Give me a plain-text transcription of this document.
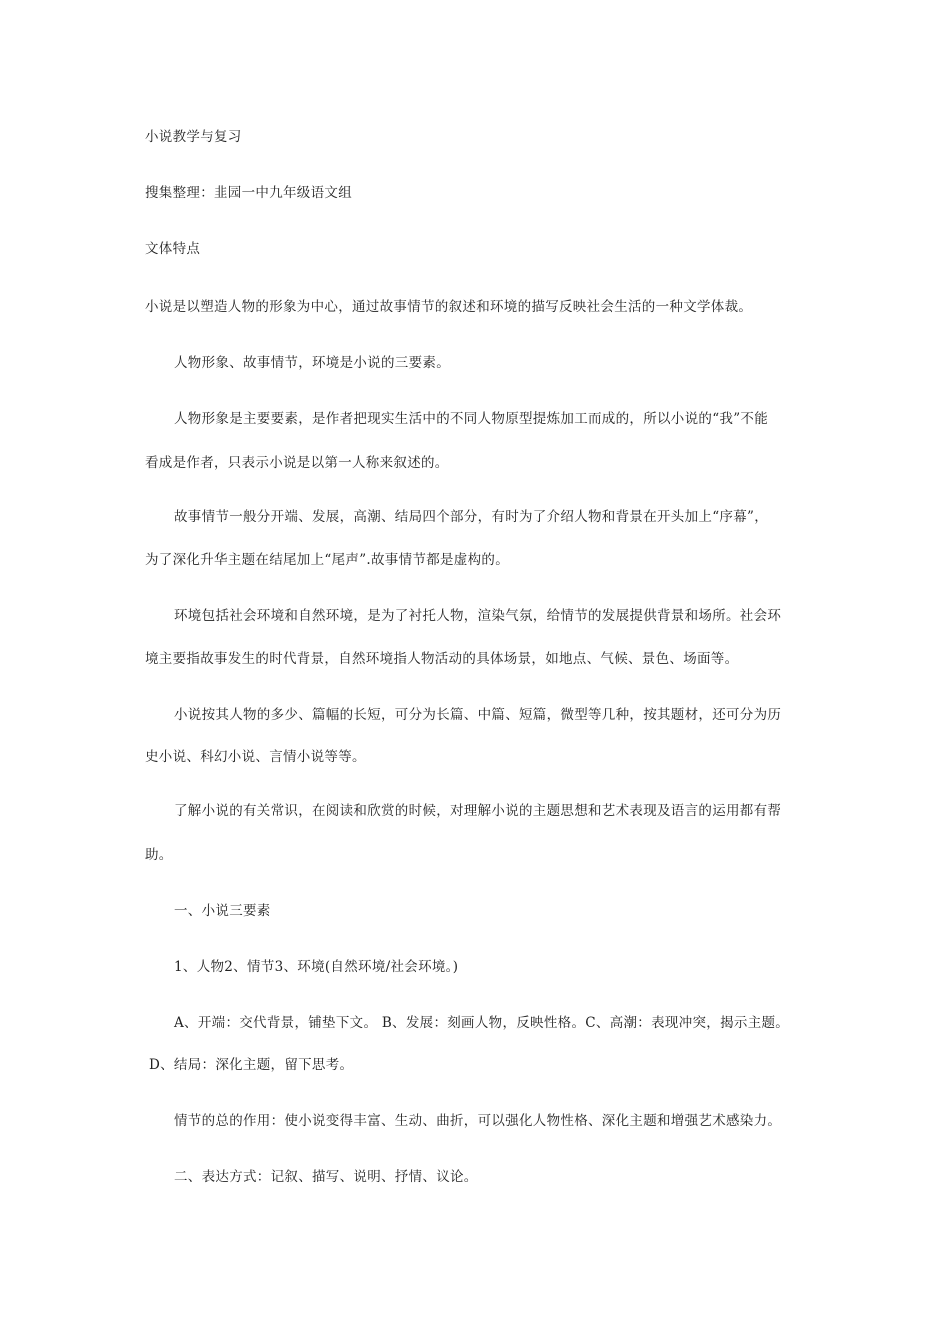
小说教学与复习
搜集整理：韭园一中九年级语文组
文体特点
小说是以塑造人物的形象为中心，通过故事情节的叙述和环境的描写反映社会生活的一种文学体裁。
人物形象、故事情节，环境是小说的三要素。
人物形象是主要要素，是作者把现实生活中的不同人物原型提炼加工而成的，所以小说的“我”不能
看成是作者，只表示小说是以第一人称来叙述的。
故事情节一般分开端、发展，高潮、结局四个部分，有时为了介绍人物和背景在开头加上“序幕”，
为了深化升华主题在结尾加上“尾声”.故事情节都是虚构的。
环境包括社会环境和自然环境，是为了衬托人物，渲染气氛，给情节的发展提供背景和场所。社会环
境主要指故事发生的时代背景，自然环境指人物活动的具体场景，如地点、气候、景色、场面等。
小说按其人物的多少、篇幅的长短，可分为长篇、中篇、短篇，微型等几种，按其题材，还可分为历
史小说、科幻小说、言情小说等等。
了解小说的有关常识，在阅读和欣赏的时候，对理解小说的主题思想和艺术表现及语言的运用都有帮
助。
一、小说三要素
1、人物2、情节3、环境(自然环境/社会环境。)
A、开端：交代背景，铺垫下文。 B、发展：刻画人物，反映性格。C、高潮：表现冲突，揭示主题。
D、结局：深化主题，留下思考。
情节的总的作用：使小说变得丰富、生动、曲折，可以强化人物性格、深化主题和增强艺术感染力。
二、表达方式：记叙、描写、说明、抒情、议论。
